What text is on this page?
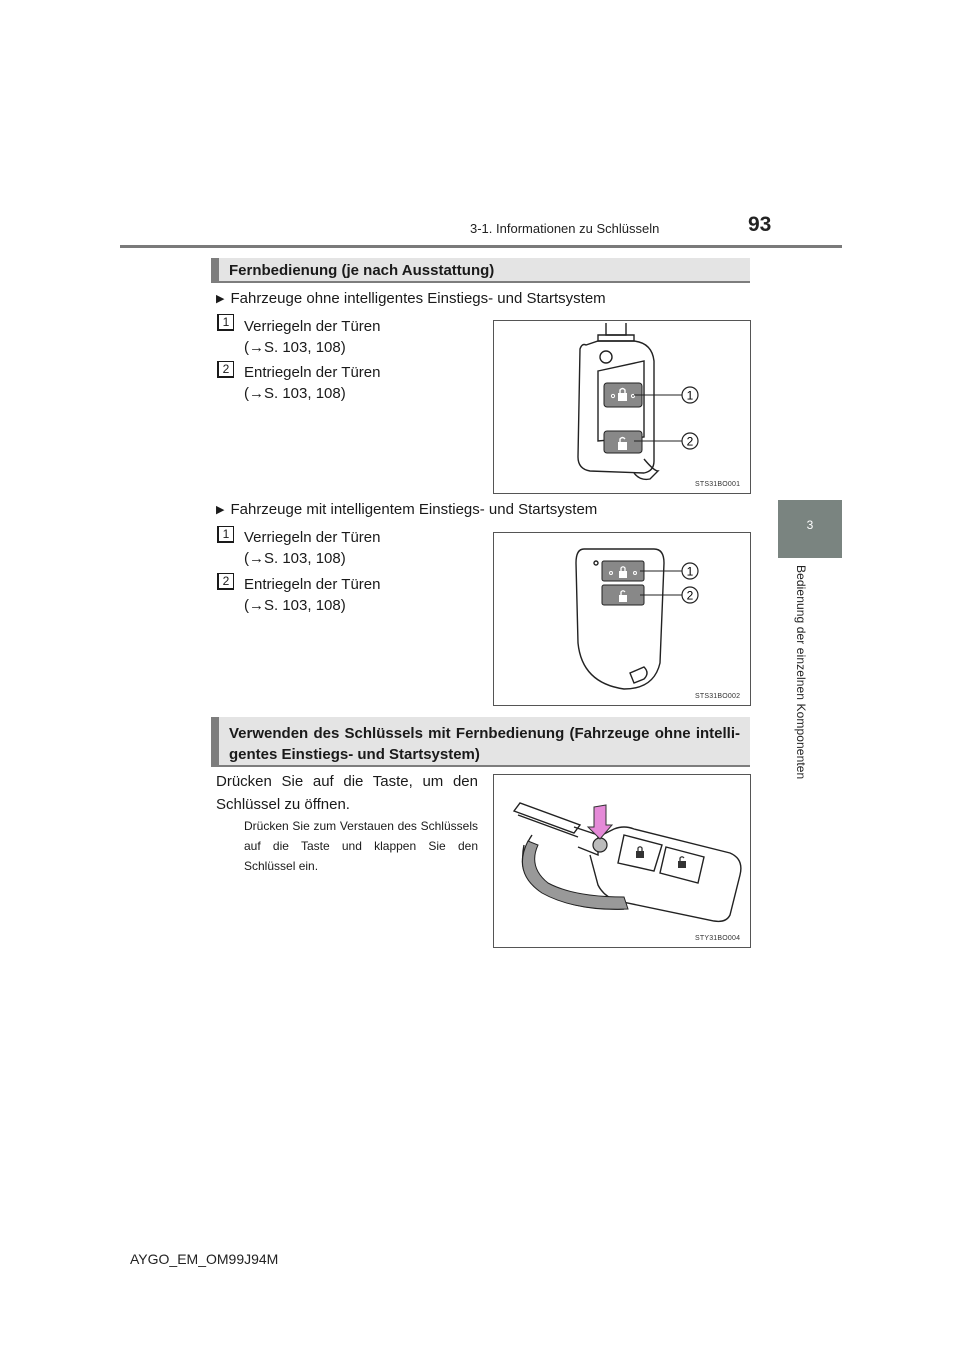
3-1. Informationen zu Schlüsseln	93
3
Bedienung der einzelnen Komponenten
Fernbedienung (je nach Ausstattung)
▶ Fahrzeuge ohne intelligentes Einstiegs- und Startsystem
1 Verriegeln der Türen
(→S. 103, 108)
2 Entriegeln der Türen
(→S. 103, 108)	1
2
STS31BO001
▶ Fahrzeuge mit intelligentem Einstiegs- und Startsystem
1 Verriegeln der Türen
(→S. 103, 108)
2 Entriegeln der Türen
(→S. 103, 108)
1
2
STS31BO002
Verwenden des Schlüssels mit Fernbedienung (Fahrzeuge ohne intelli-
gentes Einstiegs- und Startsystem)
Drücken Sie auf die Taste, um den Schlüssel zu öffnen.
Drücken Sie zum Verstauen des Schlüssels auf die Taste und klappen Sie den Schlüssel ein.
STY31BO004
AYGO_EM_OM99J94M
